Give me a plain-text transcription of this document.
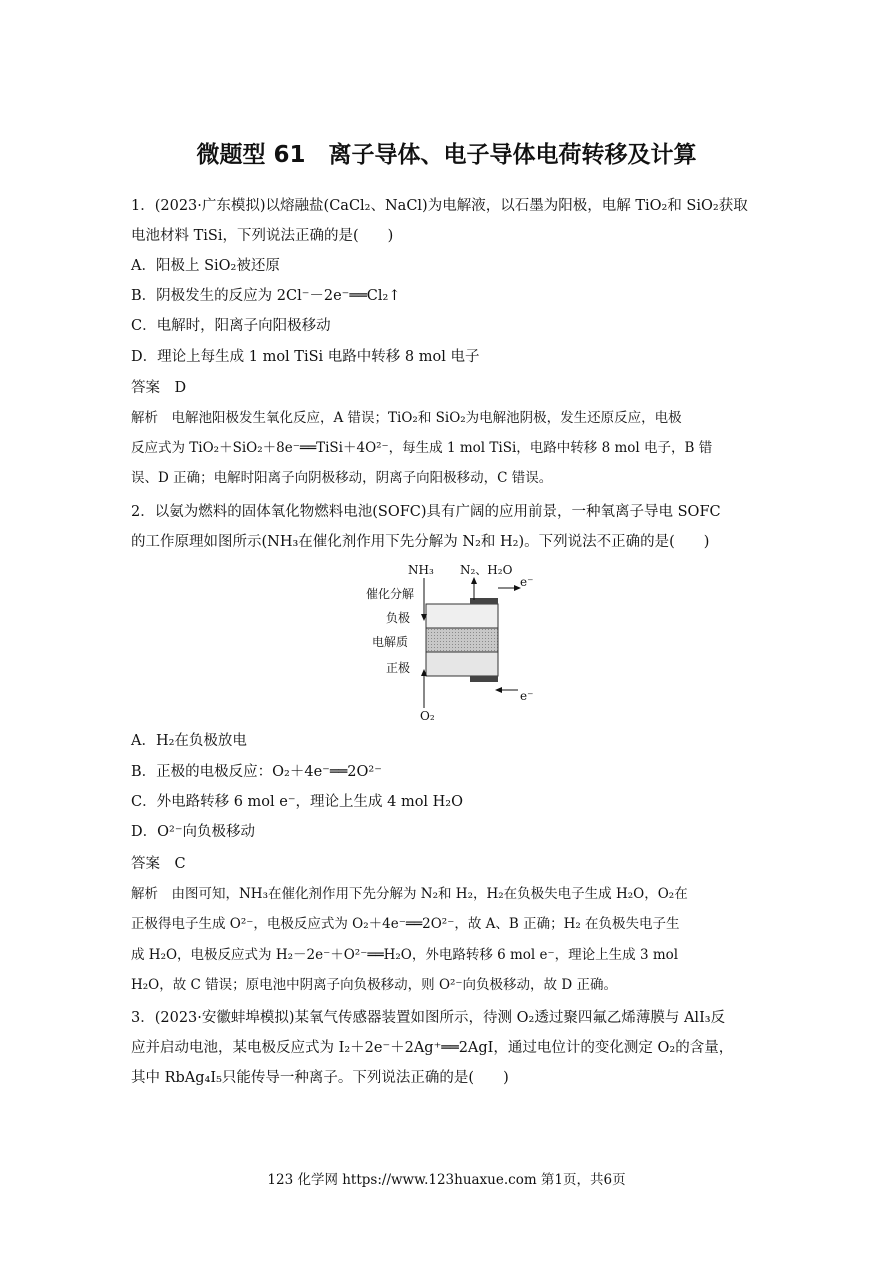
微题型 61　离子导体、电子导体电荷转移及计算
1．(2023·广东模拟)以熔融盐(CaCl₂、NaCl)为电解液，以石墨为阳极，电解 TiO₂和 SiO₂获取
电池材料 TiSi，下列说法正确的是(　　)
A．阳极上 SiO₂被还原
B．阴极发生的反应为 2Cl⁻－2e⁻══Cl₂↑
C．电解时，阳离子向阳极移动
D．理论上每生成 1 mol TiSi 电路中转移 8 mol 电子
答案　D
解析　电解池阳极发生氧化反应，A 错误；TiO₂和 SiO₂为电解池阴极，发生还原反应，电极
反应式为 TiO₂＋SiO₂＋8e⁻══TiSi＋4O²⁻，每生成 1 mol TiSi，电路中转移 8 mol 电子，B 错
误、D 正确；电解时阳离子向阴极移动，阴离子向阳极移动，C 错误。
2．以氨为燃料的固体氧化物燃料电池(SOFC)具有广阔的应用前景，一种氧离子导电 SOFC
的工作原理如图所示(NH₃在催化剂作用下先分解为 N₂和 H₂)。下列说法不正确的是(　　)
NH₃ N₂、H₂O
e⁻
催化分解
负极
电解质
正极
e⁻
O₂
A．H₂在负极放电
B．正极的电极反应：O₂＋4e⁻══2O²⁻
C．外电路转移 6 mol e⁻，理论上生成 4 mol H₂O
D．O²⁻向负极移动
答案　C
解析　由图可知，NH₃在催化剂作用下先分解为 N₂和 H₂，H₂在负极失电子生成 H₂O，O₂在
正极得电子生成 O²⁻，电极反应式为 O₂＋4e⁻══2O²⁻，故 A、B 正确；H₂ 在负极失电子生
成 H₂O，电极反应式为 H₂－2e⁻＋O²⁻══H₂O，外电路转移 6 mol e⁻，理论上生成 3 mol
H₂O，故 C 错误；原电池中阴离子向负极移动，则 O²⁻向负极移动，故 D 正确。
3．(2023·安徽蚌埠模拟)某氧气传感器装置如图所示，待测 O₂透过聚四氟乙烯薄膜与 AlI₃反
应并启动电池，某电极反应式为 I₂＋2e⁻＋2Ag⁺══2AgI，通过电位计的变化测定 O₂的含量，
其中 RbAg₄I₅只能传导一种离子。下列说法正确的是(　　)
123 化学网 https://www.123huaxue.com 第1页，共6页
